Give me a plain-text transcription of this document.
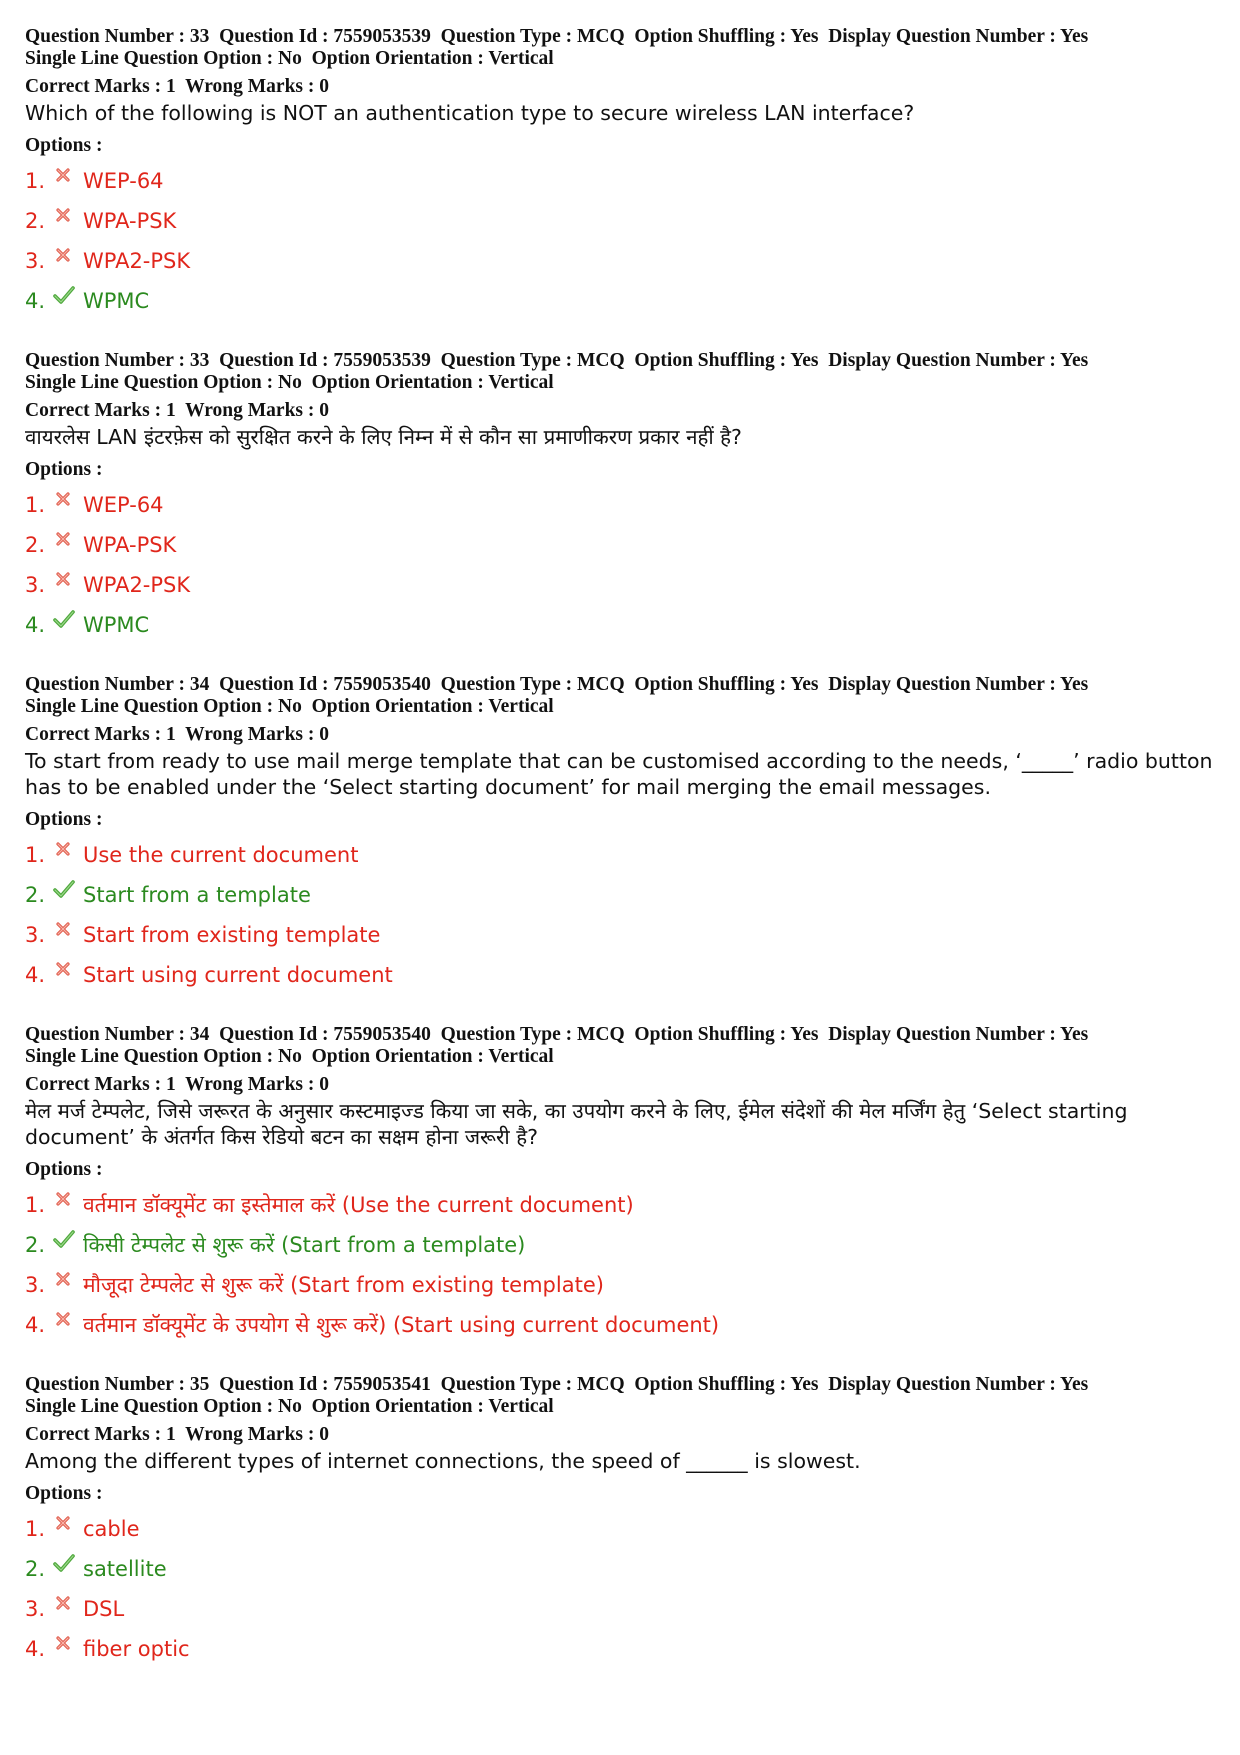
Question Number : 33  Question Id : 7559053539  Question Type : MCQ  Option Shuffling : Yes  Display Question Number : Yes
Single Line Question Option : No  Option Orientation : Vertical
Correct Marks : 1  Wrong Marks : 0
Which of the following is NOT an authentication type to secure wireless LAN interface?
Options :
1.	WEP-64
2.	WPA-PSK
3.	WPA2-PSK
4.	WPMC
Question Number : 33  Question Id : 7559053539  Question Type : MCQ  Option Shuffling : Yes  Display Question Number : Yes
Single Line Question Option : No  Option Orientation : Vertical
Correct Marks : 1  Wrong Marks : 0
वायरलेस LAN इंटरफ़ेस को सुरक्षित करने के लिए निम्न में से कौन सा प्रमाणीकरण प्रकार नहीं है?
Options :
1.	WEP-64
2.	WPA-PSK
3.	WPA2-PSK
4.	WPMC
Question Number : 34  Question Id : 7559053540  Question Type : MCQ  Option Shuffling : Yes  Display Question Number : Yes
Single Line Question Option : No  Option Orientation : Vertical
Correct Marks : 1  Wrong Marks : 0
To start from ready to use mail merge template that can be customised according to the needs, ‘_____’ radio button has to be enabled under the ‘Select starting document’ for mail merging the email messages.
Options :
1.	Use the current document
2.	Start from a template
3.	Start from existing template
4.	Start using current document
Question Number : 34  Question Id : 7559053540  Question Type : MCQ  Option Shuffling : Yes  Display Question Number : Yes
Single Line Question Option : No  Option Orientation : Vertical
Correct Marks : 1  Wrong Marks : 0
मेल मर्ज टेम्पलेट, जिसे जरूरत के अनुसार कस्टमाइज्ड किया जा सके, का उपयोग करने के लिए, ईमेल संदेशों की मेल मर्जिंग हेतु ‘Select starting document’ के अंतर्गत किस रेडियो बटन का सक्षम होना जरूरी है?
Options :
1.	वर्तमान डॉक्यूमेंट का इस्तेमाल करें (Use the current document)
2.	किसी टेम्पलेट से शुरू करें (Start from a template)
3.	मौजूदा टेम्पलेट से शुरू करें (Start from existing template)
4.	वर्तमान डॉक्यूमेंट के उपयोग से शुरू करें) (Start using current document)
Question Number : 35  Question Id : 7559053541  Question Type : MCQ  Option Shuffling : Yes  Display Question Number : Yes
Single Line Question Option : No  Option Orientation : Vertical
Correct Marks : 1  Wrong Marks : 0
Among the different types of internet connections, the speed of ______ is slowest.
Options :
1.	cable
2.	satellite
3.	DSL
4.	fiber optic
